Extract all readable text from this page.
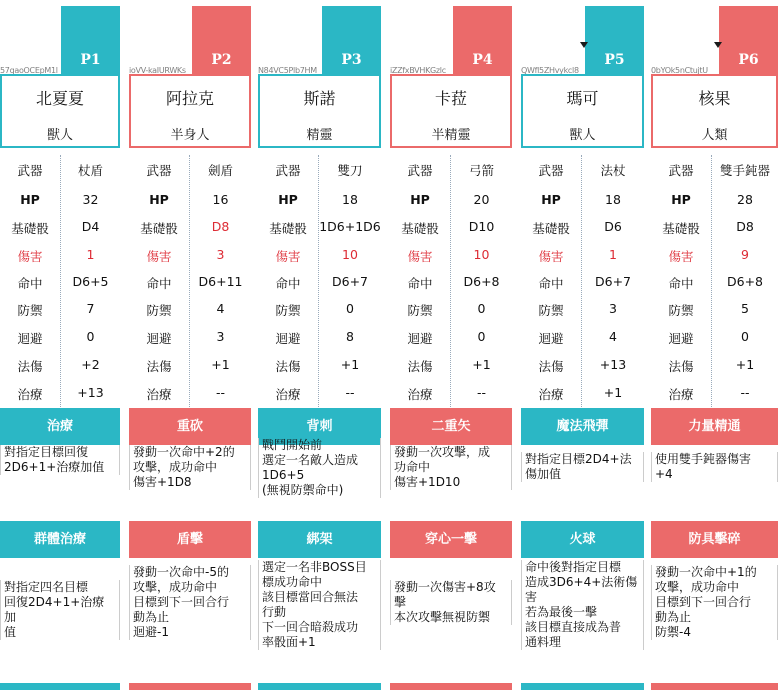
57qaoOCEpM1l
P1
北夏夏
獸人
武器	杖盾
HP	32
基礎骰	D4
傷害	1
命中	D6+5
防禦	7
迴避	0
法傷	+2
治療	+13
治療
對指定目標回復
2D6+1+治療加值
群體治療
對指定四名目標
回復2D4+1+治療加
值
ioVV-kaIURWKs
P2
阿拉克
半身人
武器	劍盾
HP	16
基礎骰	D8
傷害	3
命中	D6+11
防禦	4
迴避	3
法傷	+1
治療	--
重砍
發動一次命中+2的
攻擊，成功命中
傷害+1D8
盾擊
發動一次命中-5的
攻擊，成功命中
目標到下一回合行
動為止
迴避-1
N84VC5Plb7HM
P3
斯諾
精靈
武器	雙刀
HP	18
基礎骰 1D6+1D6
傷害	10
命中	D6+7
防禦	0
迴避	8
法傷	+1
治療	--
背刺
戰鬥開始前
選定一名敵人造成
1D6+5
(無視防禦命中)
綁架
選定一名非BOSS目
標成功命中
該目標當回合無法
行動
下一回合暗殺成功
率骰面+1
iZZfxBVHKGzlc
P4
卡菈
半精靈
武器	弓箭
HP	20
基礎骰	D10
傷害	10
命中	D6+8
防禦	0
迴避	0
法傷	+1
治療	--
二重矢
發動一次攻擊，成
功命中
傷害+1D10
穿心一擊
發動一次傷害+8攻
擊
本次攻擊無視防禦
QWfl5ZHvykcl8
P5
瑪可
獸人
武器	法杖
HP	18
基礎骰	D6
傷害	1
命中	D6+7
防禦	3
迴避	4
法傷	+13
治療	+1
魔法飛彈
對指定目標2D4+法
傷加值
火球
命中後對指定目標
造成3D6+4+法術傷
害
若為最後一擊
該目標直接成為普
通料理
0bYOk5nCtujtU
P6
核果
人類
武器	雙手鈍器
HP	28
基礎骰	D8
傷害	9
命中	D6+8
防禦	5
迴避	0
法傷	+1
治療	--
力量精通
使用雙手鈍器傷害
+4
防具擊碎
發動一次命中+1的
攻擊，成功命中
目標到下一回合行
動為止
防禦-4
